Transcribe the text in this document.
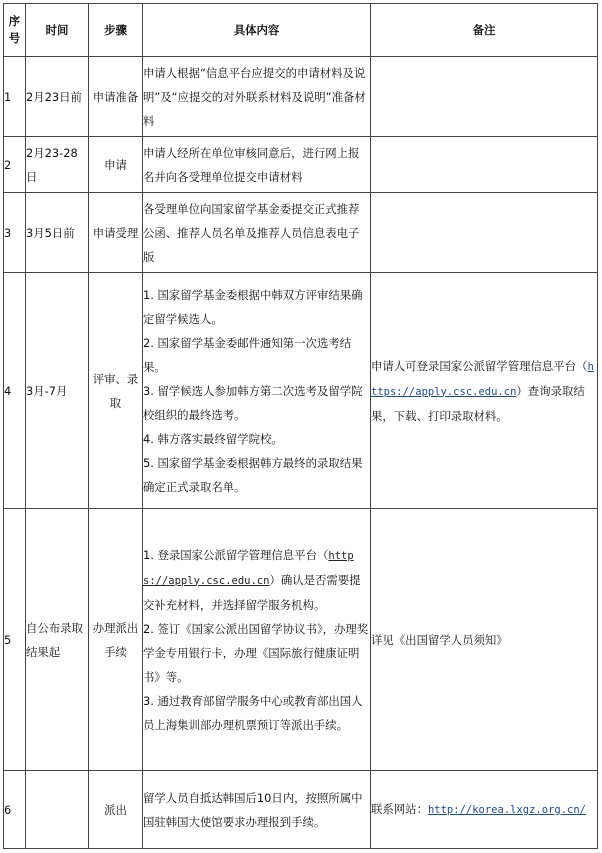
序号	时间	步骤	具体内容	备注
1	2月23日前	申请准备	申请人根据“信息平台应提交的申请材料及说明”及“应提交的对外联系材料及说明”准备材料	

2	2月23-28日	申请	申请人经所在单位审核同意后，进行网上报名并向各受理单位提交申请材料	

3	3月5日前	申请受理	各受理单位向国家留学基金委提交正式推荐公函、推荐人员名单及推荐人员信息表电子版	

4	3月-7月	评审、录取	1. 国家留学基金委根据中韩双方评审结果确定留学候选人。
2. 国家留学基金委邮件通知第一次选考结果。
3. 留学候选人参加韩方第二次选考及留学院校组织的最终选考。
4. 韩方落实最终留学院校。
5. 国家留学基金委根据韩方最终的录取结果确定正式录取名单。	申请人可登录国家公派留学管理信息平台（https://apply.csc.edu.cn）查询录取结果，下载、打印录取材料。
5	自公布录取结果起	办理派出手续	1. 登录国家公派留学管理信息平台（https://apply.csc.edu.cn）确认是否需要提交补充材料，并选择留学服务机构。
2. 签订《国家公派出国留学协议书》，办理奖学金专用银行卡，办理《国际旅行健康证明书》等。
3. 通过教育部留学服务中心或教育部出国人员上海集训部办理机票预订等派出手续。	详见《出国留学人员须知》
6		派出	留学人员自抵达韩国后10日内，按照所属中国驻韩国大使馆要求办理报到手续。	联系网站：http://korea.lxgz.org.cn/
